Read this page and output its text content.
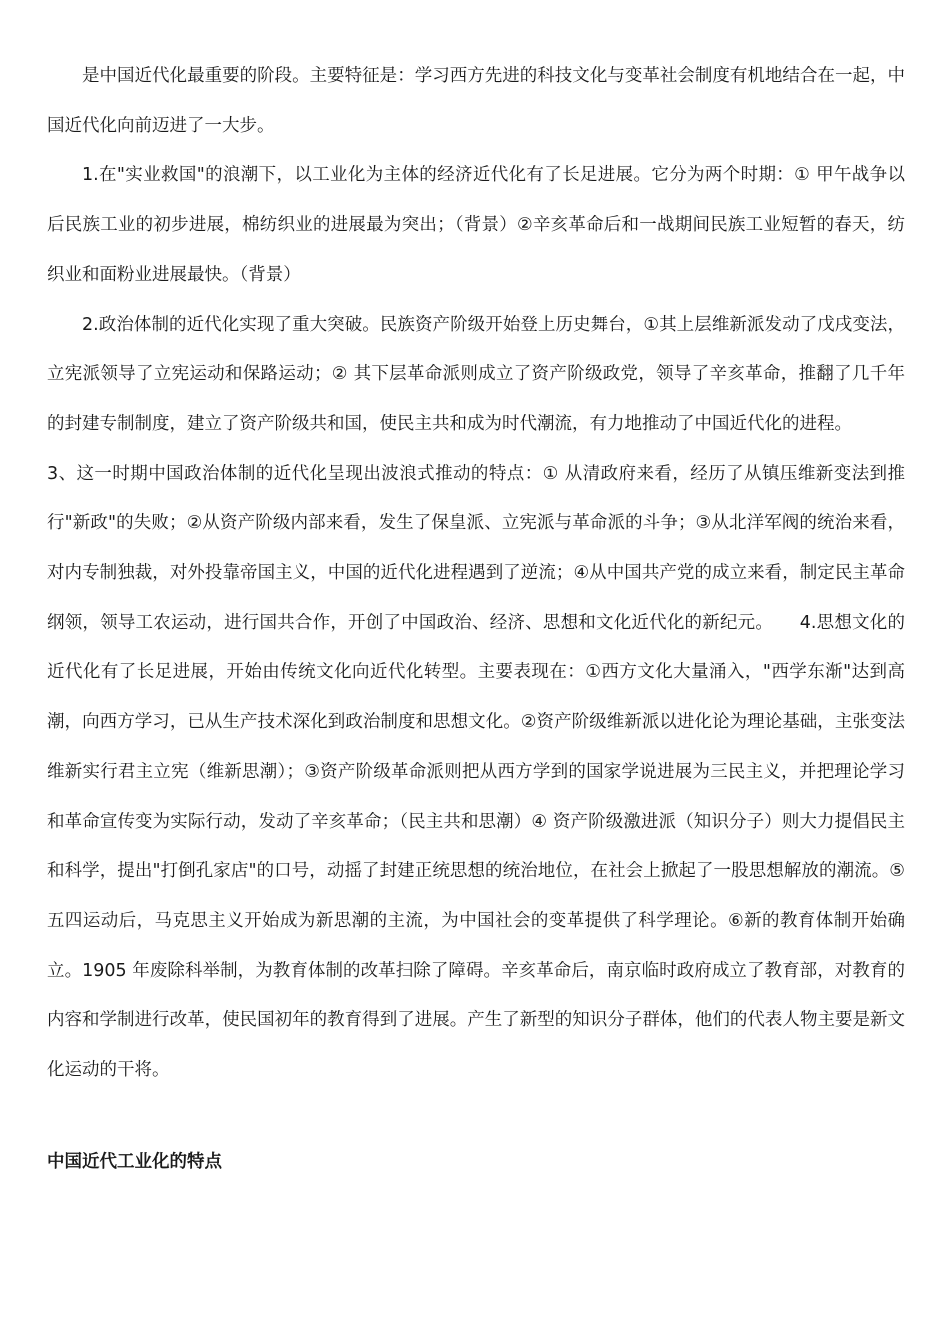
是中国近代化最重要的阶段。主要特征是：学习西方先进的科技文化与变革社会制度有机地结合在一起，中国近代化向前迈进了一大步。

1.在"实业救国"的浪潮下，以工业化为主体的经济近代化有了长足进展。它分为两个时期：① 甲午战争以后民族工业的初步进展，棉纺织业的进展最为突出；（背景）②辛亥革命后和一战期间民族工业短暂的春天，纺织业和面粉业进展最快。（背景）

2.政治体制的近代化实现了重大突破。民族资产阶级开始登上历史舞台，①其上层维新派发动了戊戌变法，立宪派领导了立宪运动和保路运动；② 其下层革命派则成立了资产阶级政党，领导了辛亥革命，推翻了几千年的封建专制制度，建立了资产阶级共和国，使民主共和成为时代潮流，有力地推动了中国近代化的进程。

3、这一时期中国政治体制的近代化呈现出波浪式推动的特点：① 从清政府来看，经历了从镇压维新变法到推行"新政"的失败；②从资产阶级内部来看，发生了保皇派、立宪派与革命派的斗争；③从北洋军阀的统治来看，对内专制独裁，对外投靠帝国主义，中国的近代化进程遇到了逆流；④从中国共产党的成立来看，制定民主革命纲领，领导工农运动，进行国共合作，开创了中国政治、经济、思想和文化近代化的新纪元。　　4.思想文化的近代化有了长足进展，开始由传统文化向近代化转型。主要表现在：①西方文化大量涌入，"西学东渐"达到高潮，向西方学习，已从生产技术深化到政治制度和思想文化。②资产阶级维新派以进化论为理论基础，主张变法维新实行君主立宪（维新思潮）；③资产阶级革命派则把从西方学到的国家学说进展为三民主义，并把理论学习和革命宣传变为实际行动，发动了辛亥革命；（民主共和思潮）④ 资产阶级激进派（知识分子）则大力提倡民主和科学，提出"打倒孔家店"的口号，动摇了封建正统思想的统治地位，在社会上掀起了一股思想解放的潮流。⑤五四运动后，马克思主义开始成为新思潮的主流，为中国社会的变革提供了科学理论。⑥新的教育体制开始确立。1905 年废除科举制，为教育体制的改革扫除了障碍。辛亥革命后，南京临时政府成立了教育部，对教育的内容和学制进行改革，使民国初年的教育得到了进展。产生了新型的知识分子群体，他们的代表人物主要是新文化运动的干将。

中国近代工业化的特点
